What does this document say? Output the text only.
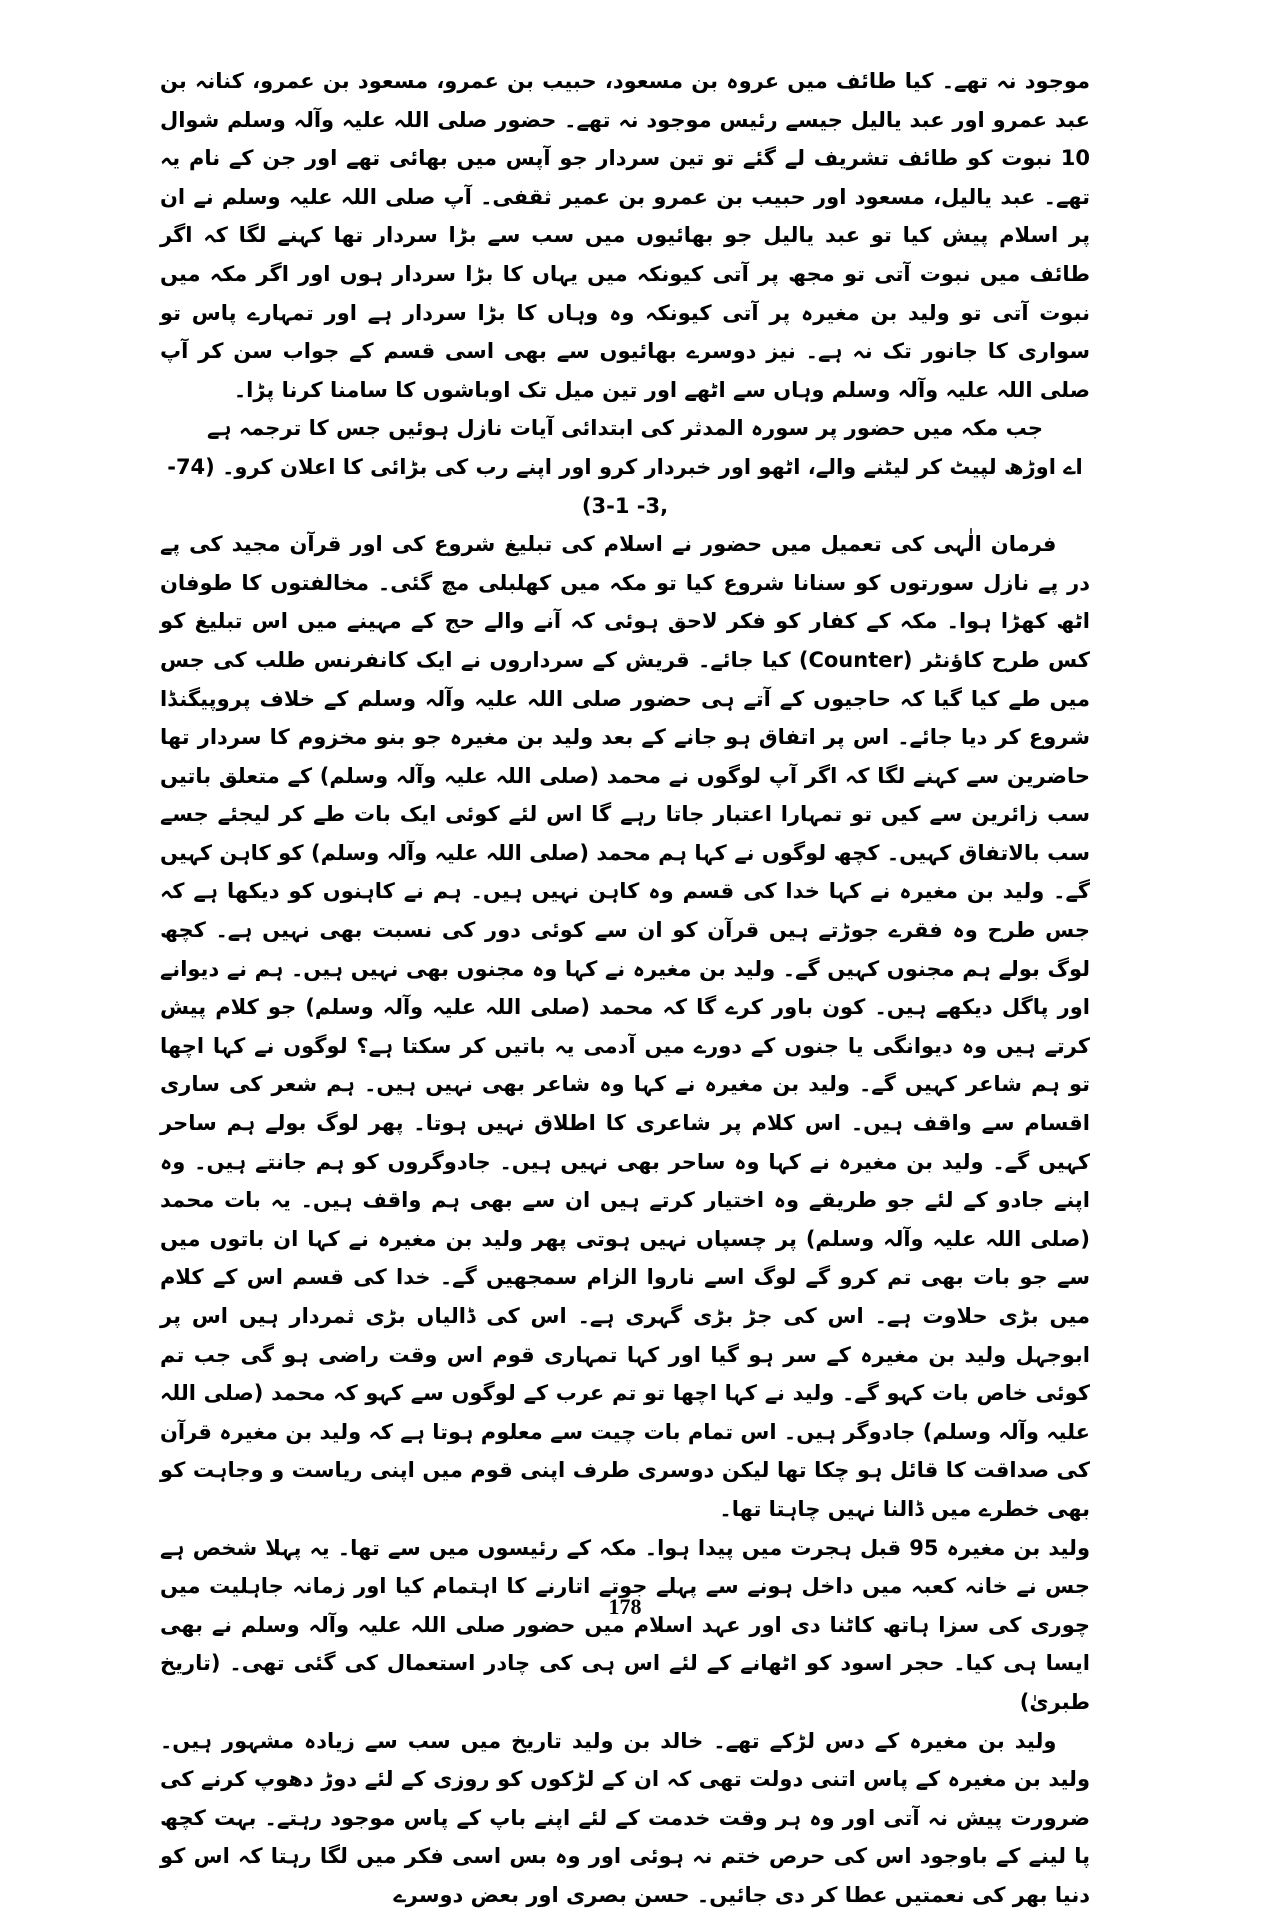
موجود نہ تھے۔ کیا طائف میں عروہ بن مسعود، حبیب بن عمرو، مسعود بن عمرو، کنانہ بن عبد عمرو اور عبد یالیل جیسے رئیس موجود نہ تھے۔ حضور صلی اللہ علیہ وآلہ وسلم شوال 10 نبوت کو طائف تشریف لے گئے تو تین سردار جو آپس میں بھائی تھے اور جن کے نام یہ تھے۔ عبد یالیل، مسعود اور حبیب بن عمرو بن عمیر ثقفی۔ آپ صلی اللہ علیہ وسلم نے ان پر اسلام پیش کیا تو عبد یالیل جو بھائیوں میں سب سے بڑا سردار تھا کہنے لگا کہ اگر طائف میں نبوت آتی تو مجھ پر آتی کیونکہ میں یہاں کا بڑا سردار ہوں اور اگر مکہ میں نبوت آتی تو ولید بن مغیرہ پر آتی کیونکہ وہ وہاں کا بڑا سردار ہے اور تمہارے پاس تو سواری کا جانور تک نہ ہے۔ نیز دوسرے بھائیوں سے بھی اسی قسم کے جواب سن کر آپ صلی اللہ علیہ وآلہ وسلم وہاں سے اٹھے اور تین میل تک اوباشوں کا سامنا کرنا پڑا۔

جب مکہ میں حضور پر سورہ المدثر کی ابتدائی آیات نازل ہوئیں جس کا ترجمہ ہے

اے اوڑھ لپیٹ کر لیٹنے والے، اٹھو اور خبردار کرو اور اپنے رب کی بڑائی کا اعلان کرو۔ (74- ,3- 1-3)

فرمان الٰہی کی تعمیل میں حضور نے اسلام کی تبلیغ شروع کی اور قرآن مجید کی پے در پے نازل سورتوں کو سنانا شروع کیا تو مکہ میں کھلبلی مچ گئی۔ مخالفتوں کا طوفان اٹھ کھڑا ہوا۔ مکہ کے کفار کو فکر لاحق ہوئی کہ آنے والے حج کے مہینے میں اس تبلیغ کو کس طرح کاؤنٹر (Counter) کیا جائے۔ قریش کے سرداروں نے ایک کانفرنس طلب کی جس میں طے کیا گیا کہ حاجیوں کے آتے ہی حضور صلی اللہ علیہ وآلہ وسلم کے خلاف پروپیگنڈا شروع کر دیا جائے۔ اس پر اتفاق ہو جانے کے بعد ولید بن مغیرہ جو بنو مخزوم کا سردار تھا حاضرین سے کہنے لگا کہ اگر آپ لوگوں نے محمد (صلی اللہ علیہ وآلہ وسلم) کے متعلق باتیں سب زائرین سے کیں تو تمہارا اعتبار جاتا رہے گا اس لئے کوئی ایک بات طے کر لیجئے جسے سب بالاتفاق کہیں۔ کچھ لوگوں نے کہا ہم محمد (صلی اللہ علیہ وآلہ وسلم) کو کاہن کہیں گے۔ ولید بن مغیرہ نے کہا خدا کی قسم وہ کاہن نہیں ہیں۔ ہم نے کاہنوں کو دیکھا ہے کہ جس طرح وہ فقرے جوڑتے ہیں قرآن کو ان سے کوئی دور کی نسبت بھی نہیں ہے۔ کچھ لوگ بولے ہم مجنوں کہیں گے۔ ولید بن مغیرہ نے کہا وہ مجنوں بھی نہیں ہیں۔ ہم نے دیوانے اور پاگل دیکھے ہیں۔ کون باور کرے گا کہ محمد (صلی اللہ علیہ وآلہ وسلم) جو کلام پیش کرتے ہیں وہ دیوانگی یا جنوں کے دورے میں آدمی یہ باتیں کر سکتا ہے؟ لوگوں نے کہا اچھا تو ہم شاعر کہیں گے۔ ولید بن مغیرہ نے کہا وہ شاعر بھی نہیں ہیں۔ ہم شعر کی ساری اقسام سے واقف ہیں۔ اس کلام پر شاعری کا اطلاق نہیں ہوتا۔ پھر لوگ بولے ہم ساحر کہیں گے۔ ولید بن مغیرہ نے کہا وہ ساحر بھی نہیں ہیں۔ جادوگروں کو ہم جانتے ہیں۔ وہ اپنے جادو کے لئے جو طریقے وہ اختیار کرتے ہیں ان سے بھی ہم واقف ہیں۔ یہ بات محمد (صلی اللہ علیہ وآلہ وسلم) پر چسپاں نہیں ہوتی پھر ولید بن مغیرہ نے کہا ان باتوں میں سے جو بات بھی تم کرو گے لوگ اسے ناروا الزام سمجھیں گے۔ خدا کی قسم اس کے کلام میں بڑی حلاوت ہے۔ اس کی جڑ بڑی گہری ہے۔ اس کی ڈالیاں بڑی ثمردار ہیں اس پر ابوجہل ولید بن مغیرہ کے سر ہو گیا اور کہا تمہاری قوم اس وقت راضی ہو گی جب تم کوئی خاص بات کہو گے۔ ولید نے کہا اچھا تو تم عرب کے لوگوں سے کہو کہ محمد (صلی اللہ علیہ وآلہ وسلم) جادوگر ہیں۔ اس تمام بات چیت سے معلوم ہوتا ہے کہ ولید بن مغیرہ قرآن کی صداقت کا قائل ہو چکا تھا لیکن دوسری طرف اپنی قوم میں اپنی ریاست و وجاہت کو بھی خطرے میں ڈالنا نہیں چاہتا تھا۔

ولید بن مغیرہ 95 قبل ہجرت میں پیدا ہوا۔ مکہ کے رئیسوں میں سے تھا۔ یہ پہلا شخص ہے جس نے خانہ کعبہ میں داخل ہونے سے پہلے جوتے اتارنے کا اہتمام کیا اور زمانہ جاہلیت میں چوری کی سزا ہاتھ کاٹنا دی اور عہد اسلام میں حضور صلی اللہ علیہ وآلہ وسلم نے بھی ایسا ہی کیا۔ حجر اسود کو اٹھانے کے لئے اس ہی کی چادر استعمال کی گئی تھی۔ (تاریخ طبریٰ)

ولید بن مغیرہ کے دس لڑکے تھے۔ خالد بن ولید تاریخ میں سب سے زیادہ مشہور ہیں۔ ولید بن مغیرہ کے پاس اتنی دولت تھی کہ ان کے لڑکوں کو روزی کے لئے دوڑ دھوپ کرنے کی ضرورت پیش نہ آتی اور وہ ہر وقت خدمت کے لئے اپنے باپ کے پاس موجود رہتے۔ بہت کچھ پا لینے کے باوجود اس کی حرص ختم نہ ہوئی اور وہ بس اسی فکر میں لگا رہتا کہ اس کو دنیا بھر کی نعمتیں عطا کر دی جائیں۔ حسن بصری اور بعض دوسرے

178
